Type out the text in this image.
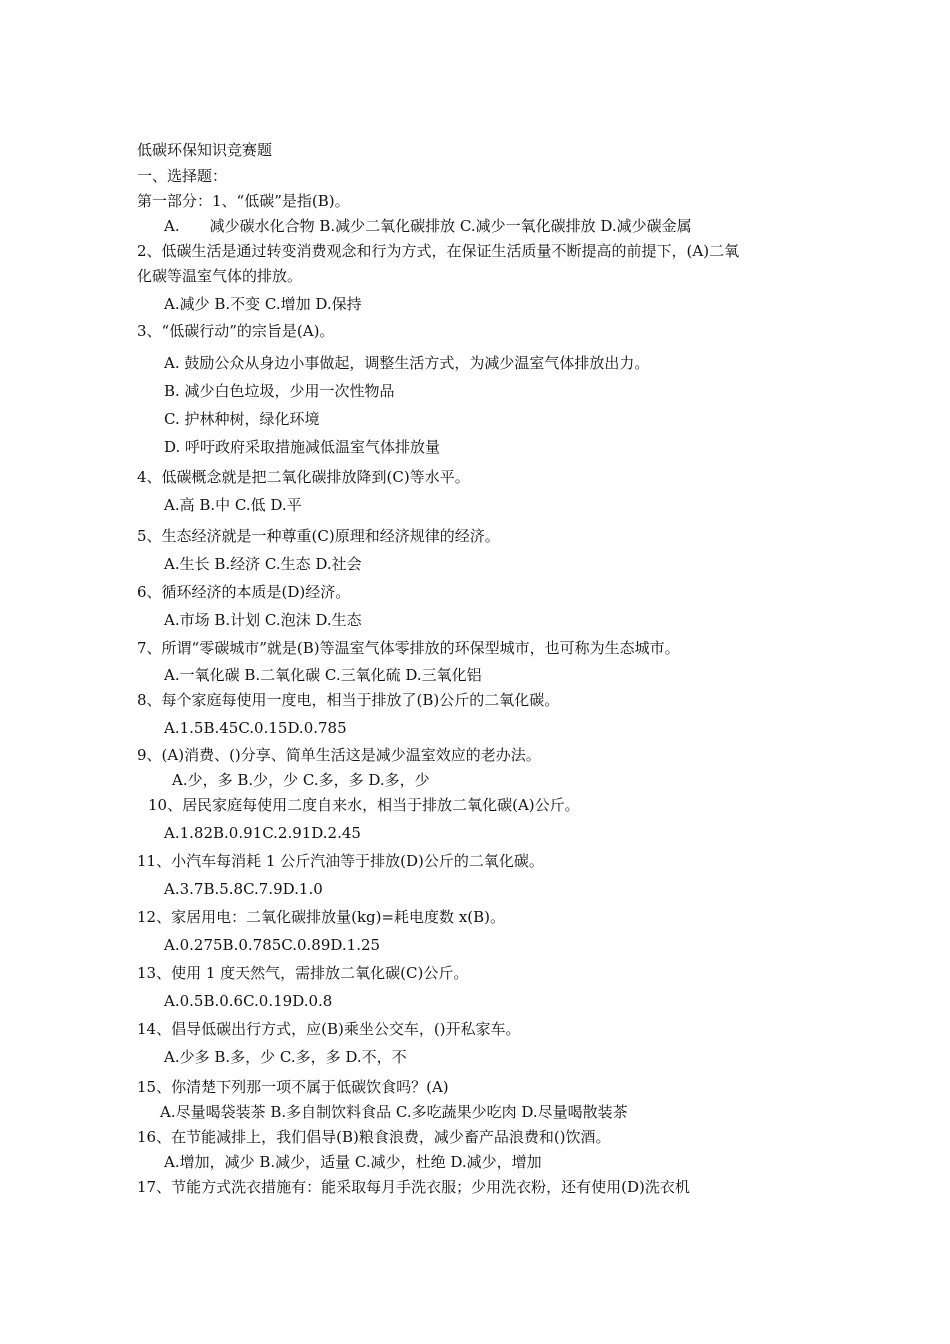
低碳环保知识竞赛题
一、选择题：
第一部分：1、“低碳”是指(B)。
A.　　减少碳水化合物 B.减少二氧化碳排放 C.减少一氧化碳排放 D.减少碳金属
2、低碳生活是通过转变消费观念和行为方式，在保证生活质量不断提高的前提下，(A)二氧
化碳等温室气体的排放。
A.减少 B.不变 C.增加 D.保持
3、“低碳行动”的宗旨是(A)。
A. 鼓励公众从身边小事做起，调整生活方式，为减少温室气体排放出力。
B. 减少白色垃圾，少用一次性物品
C. 护林种树，绿化环境
D. 呼吁政府采取措施减低温室气体排放量
4、低碳概念就是把二氧化碳排放降到(C)等水平。
A.高 B.中 C.低 D.平
5、生态经济就是一种尊重(C)原理和经济规律的经济。
A.生长 B.经济 C.生态 D.社会
6、循环经济的本质是(D)经济。
A.市场 B.计划 C.泡沫 D.生态
7、所谓“零碳城市”就是(B)等温室气体零排放的环保型城市，也可称为生态城市。
A.一氧化碳 B.二氧化碳 C.三氧化硫 D.三氧化铝
8、每个家庭每使用一度电，相当于排放了(B)公斤的二氧化碳。
A.1.5B.45C.0.15D.0.785
9、(A)消费、()分享、简单生活这是减少温室效应的老办法。
A.少，多 B.少，少 C.多，多 D.多，少
10、居民家庭每使用二度自来水，相当于排放二氧化碳(A)公斤。
A.1.82B.0.91C.2.91D.2.45
11、小汽车每消耗 1 公斤汽油等于排放(D)公斤的二氧化碳。
A.3.7B.5.8C.7.9D.1.0
12、家居用电：二氧化碳排放量(kg)=耗电度数 x(B)。
A.0.275B.0.785C.0.89D.1.25
13、使用 1 度天然气，需排放二氧化碳(C)公斤。
A.0.5B.0.6C.0.19D.0.8
14、倡导低碳出行方式，应(B)乘坐公交车，()开私家车。
A.少多 B.多，少 C.多，多 D.不，不
15、你清楚下列那一项不属于低碳饮食吗？(A)
A.尽量喝袋装茶 B.多自制饮料食品 C.多吃蔬果少吃肉 D.尽量喝散装茶
16、在节能减排上，我们倡导(B)粮食浪费，减少畜产品浪费和()饮酒。
A.增加，减少 B.减少，适量 C.减少，杜绝 D.减少，增加
17、节能方式洗衣措施有：能采取每月手洗衣服；少用洗衣粉，还有使用(D)洗衣机
